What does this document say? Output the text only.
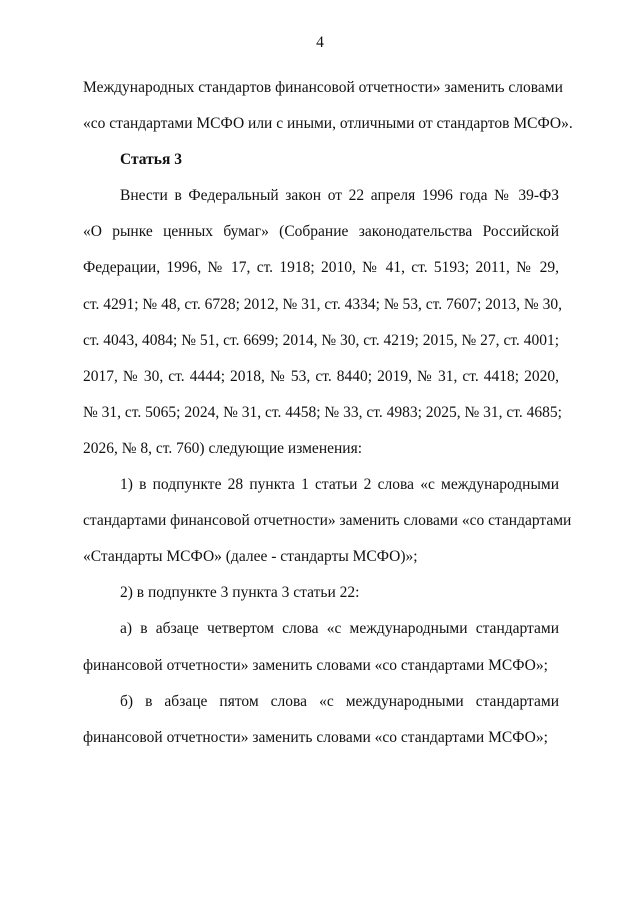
4
Международных стандартов финансовой отчетности» заменить словами
«со стандартами МСФО или с иными, отличными от стандартов МСФО».
Статья 3
Внести в Федеральный закон от 22 апреля 1996 года № 39-ФЗ
«О рынке ценных бумаг» (Собрание законодательства Российской
Федерации, 1996, № 17, ст. 1918; 2010, № 41, ст. 5193; 2011, № 29,
ст. 4291; № 48, ст. 6728; 2012, № 31, ст. 4334; № 53, ст. 7607; 2013, № 30,
ст. 4043, 4084; № 51, ст. 6699; 2014, № 30, ст. 4219; 2015, № 27, ст. 4001;
2017, № 30, ст. 4444; 2018, № 53, ст. 8440; 2019, № 31, ст. 4418; 2020,
№ 31, ст. 5065; 2024, № 31, ст. 4458; № 33, ст. 4983; 2025, № 31, ст. 4685;
2026, № 8, ст. 760) следующие изменения:
1) в подпункте 28 пункта 1 статьи 2 слова «с международными
стандартами финансовой отчетности» заменить словами «со стандартами
«Стандарты МСФО» (далее - стандарты МСФО)»;
2) в подпункте 3 пункта 3 статьи 22:
а) в абзаце четвертом слова «с международными стандартами
финансовой отчетности» заменить словами «со стандартами МСФО»;
б) в абзаце пятом слова «с международными стандартами
финансовой отчетности» заменить словами «со стандартами МСФО»;
